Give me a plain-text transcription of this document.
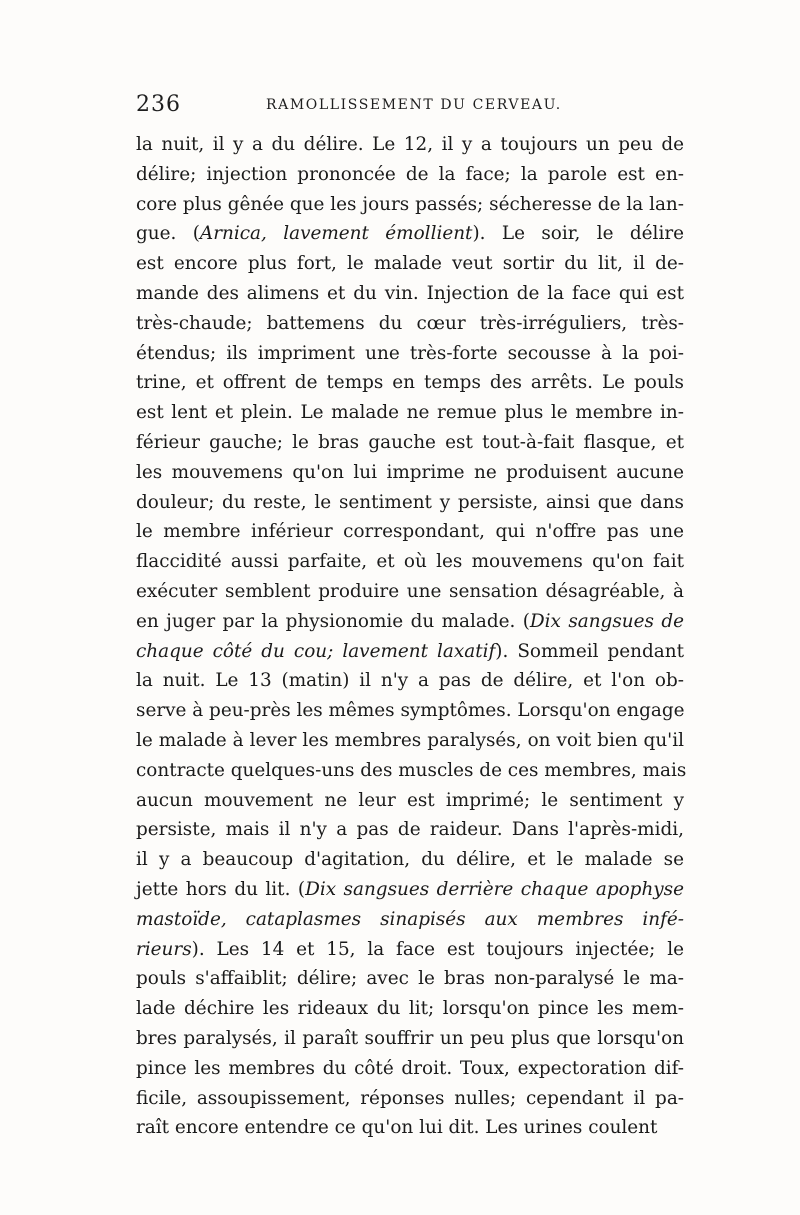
236	RAMOLLISSEMENT DU CERVEAU.
la nuit, il y a du délire. Le 12, il y a toujours un peu de
délire; injection prononcée de la face; la parole est en-
core plus gênée que les jours passés; sécheresse de la lan-
gue. (Arnica, lavement émollient). Le soir, le délire
est encore plus fort, le malade veut sortir du lit, il de-
mande des alimens et du vin. Injection de la face qui est
très-chaude; battemens du cœur très-irréguliers, très-
étendus; ils impriment une très-forte secousse à la poi-
trine, et offrent de temps en temps des arrêts. Le pouls
est lent et plein. Le malade ne remue plus le membre in-
férieur gauche; le bras gauche est tout-à-fait flasque, et
les mouvemens qu'on lui imprime ne produisent aucune
douleur; du reste, le sentiment y persiste, ainsi que dans
le membre inférieur correspondant, qui n'offre pas une
flaccidité aussi parfaite, et où les mouvemens qu'on fait
exécuter semblent produire une sensation désagréable, à
en juger par la physionomie du malade. (Dix sangsues de
chaque côté du cou; lavement laxatif). Sommeil pendant
la nuit. Le 13 (matin) il n'y a pas de délire, et l'on ob-
serve à peu-près les mêmes symptômes. Lorsqu'on engage
le malade à lever les membres paralysés, on voit bien qu'il
contracte quelques-uns des muscles de ces membres, mais
aucun mouvement ne leur est imprimé; le sentiment y
persiste, mais il n'y a pas de raideur. Dans l'après-midi,
il y a beaucoup d'agitation, du délire, et le malade se
jette hors du lit. (Dix sangsues derrière chaque apophyse
mastoïde, cataplasmes sinapisés aux membres infé-
rieurs). Les 14 et 15, la face est toujours injectée; le
pouls s'affaiblit; délire; avec le bras non-paralysé le ma-
lade déchire les rideaux du lit; lorsqu'on pince les mem-
bres paralysés, il paraît souffrir un peu plus que lorsqu'on
pince les membres du côté droit. Toux, expectoration dif-
ficile, assoupissement, réponses nulles; cependant il pa-
raît encore entendre ce qu'on lui dit. Les urines coulent
